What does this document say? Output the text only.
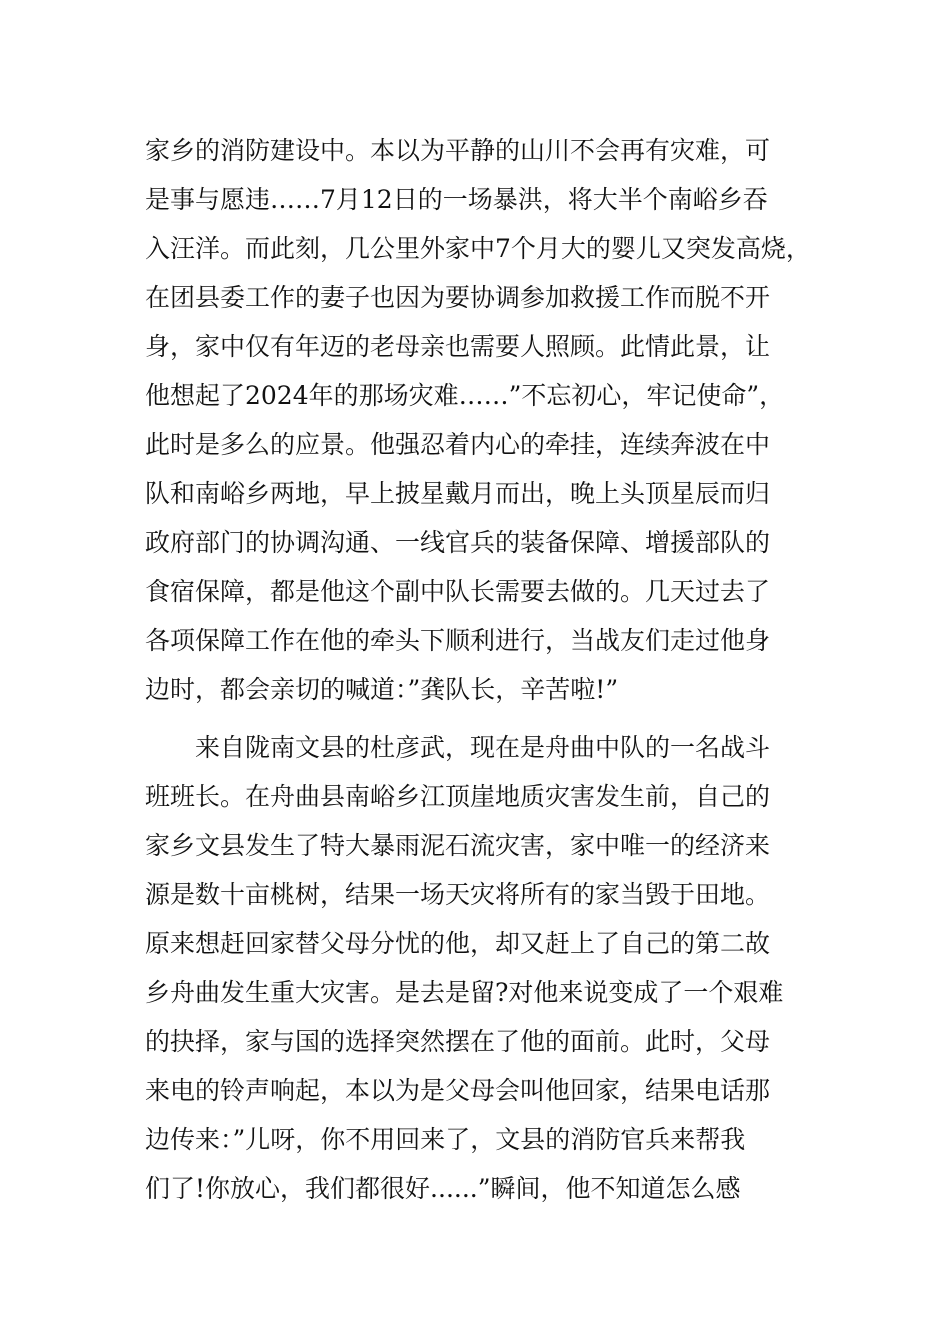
家乡的消防建设中。本以为平静的山川不会再有灾难，可
是事与愿违……7月12日的一场暴洪，将大半个南峪乡吞
入汪洋。而此刻，几公里外家中7个月大的婴儿又突发高烧，
在团县委工作的妻子也因为要协调参加救援工作而脱不开
身，家中仅有年迈的老母亲也需要人照顾。此情此景，让
他想起了2024年的那场灾难……”不忘初心，牢记使命”，
此时是多么的应景。他强忍着内心的牵挂，连续奔波在中
队和南峪乡两地，早上披星戴月而出，晚上头顶星辰而归
政府部门的协调沟通、一线官兵的装备保障、增援部队的
食宿保障，都是他这个副中队长需要去做的。几天过去了
各项保障工作在他的牵头下顺利进行，当战友们走过他身
边时，都会亲切的喊道：”龚队长，辛苦啦!”
来自陇南文县的杜彦武，现在是舟曲中队的一名战斗
班班长。在舟曲县南峪乡江顶崖地质灾害发生前，自己的
家乡文县发生了特大暴雨泥石流灾害，家中唯一的经济来
源是数十亩桃树，结果一场天灾将所有的家当毁于田地。
原来想赶回家替父母分忧的他，却又赶上了自己的第二故
乡舟曲发生重大灾害。是去是留?对他来说变成了一个艰难
的抉择，家与国的选择突然摆在了他的面前。此时，父母
来电的铃声响起，本以为是父母会叫他回家，结果电话那
边传来：”儿呀，你不用回来了，文县的消防官兵来帮我
们了!你放心，我们都很好......”瞬间，他不知道怎么感
